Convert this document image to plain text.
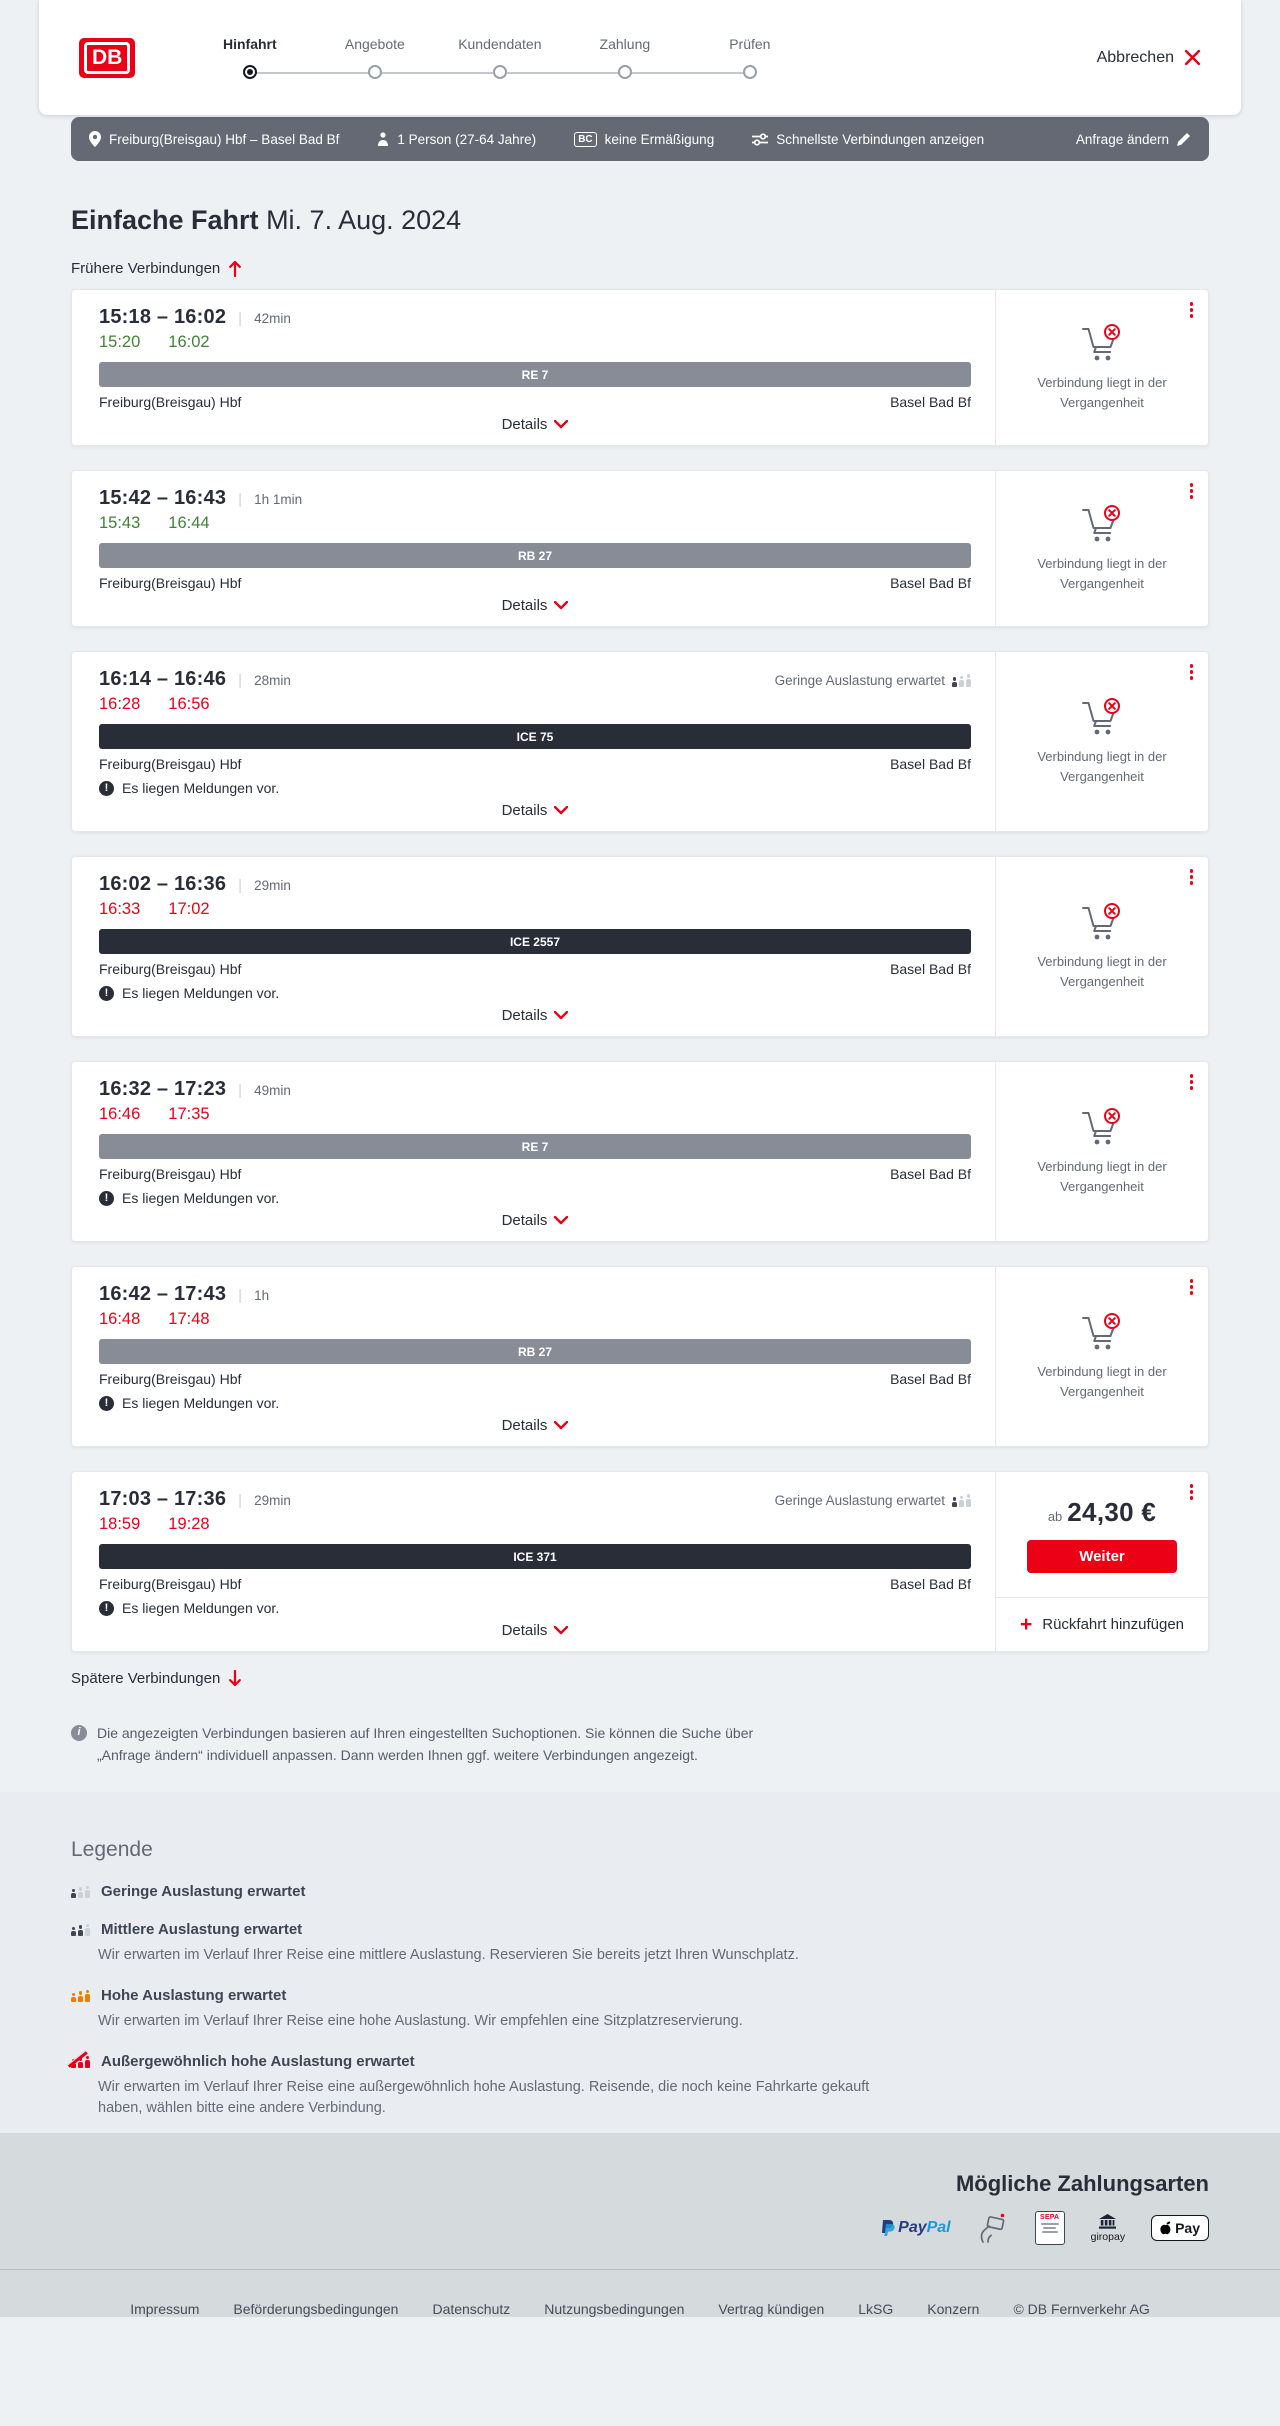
DB
Hinfahrt	Angebote	Kundendaten	Zahlung	Prüfen
Abbrechen
Freiburg(Breisgau) Hbf – Basel Bad Bf	1 Person (27-64 Jahre)	BC keine Ermäßigung	Schnellste Verbindungen anzeigen	Anfrage ändern
Einfache Fahrt Mi. 7. Aug. 2024
Frühere Verbindungen
15:18 – 16:02 | 42min
15:20 16:02
RE 7
Freiburg(Breisgau) Hbf	Basel Bad Bf
Details
Verbindung liegt in der Vergangenheit
15:42 – 16:43 | 1h 1min
15:43 16:44
RB 27
Freiburg(Breisgau) Hbf	Basel Bad Bf
Details
Verbindung liegt in der Vergangenheit
16:14 – 16:46 | 28min	Geringe Auslastung erwartet
16:28 16:56
ICE 75
Freiburg(Breisgau) Hbf	Basel Bad Bf
! Es liegen Meldungen vor.
Details
Verbindung liegt in der Vergangenheit
16:02 – 16:36 | 29min
16:33 17:02
ICE 2557
Freiburg(Breisgau) Hbf	Basel Bad Bf
! Es liegen Meldungen vor.
Details
Verbindung liegt in der Vergangenheit
16:32 – 17:23 | 49min
16:46 17:35
RE 7
Freiburg(Breisgau) Hbf	Basel Bad Bf
! Es liegen Meldungen vor.
Details
Verbindung liegt in der Vergangenheit
16:42 – 17:43 | 1h
16:48 17:48
RB 27
Freiburg(Breisgau) Hbf	Basel Bad Bf
! Es liegen Meldungen vor.
Details
Verbindung liegt in der Vergangenheit
17:03 – 17:36 | 29min	Geringe Auslastung erwartet
18:59 19:28
ICE 371
Freiburg(Breisgau) Hbf	Basel Bad Bf
! Es liegen Meldungen vor.
Details
ab 24,30 €
Weiter
+ Rückfahrt hinzufügen
Spätere Verbindungen
i	Die angezeigten Verbindungen basieren auf Ihren eingestellten Suchoptionen. Sie können die Suche über „Anfrage ändern“ individuell anpassen. Dann werden Ihnen ggf. weitere Verbindungen angezeigt.
Legende
Geringe Auslastung erwartet
Mittlere Auslastung erwartet
Wir erwarten im Verlauf Ihrer Reise eine mittlere Auslastung. Reservieren Sie bereits jetzt Ihren Wunschplatz.
Hohe Auslastung erwartet
Wir erwarten im Verlauf Ihrer Reise eine hohe Auslastung. Wir empfehlen eine Sitzplatzreservierung.
Außergewöhnlich hohe Auslastung erwartet
Wir erwarten im Verlauf Ihrer Reise eine außergewöhnlich hohe Auslastung. Reisende, die noch keine Fahrkarte gekauft haben, wählen bitte eine andere Verbindung.
Mögliche Zahlungsarten
PayPal
SEPA
giropay
Pay
Impressum Beförderungsbedingungen Datenschutz Nutzungsbedingungen Vertrag kündigen LkSG Konzern © DB Fernverkehr AG
